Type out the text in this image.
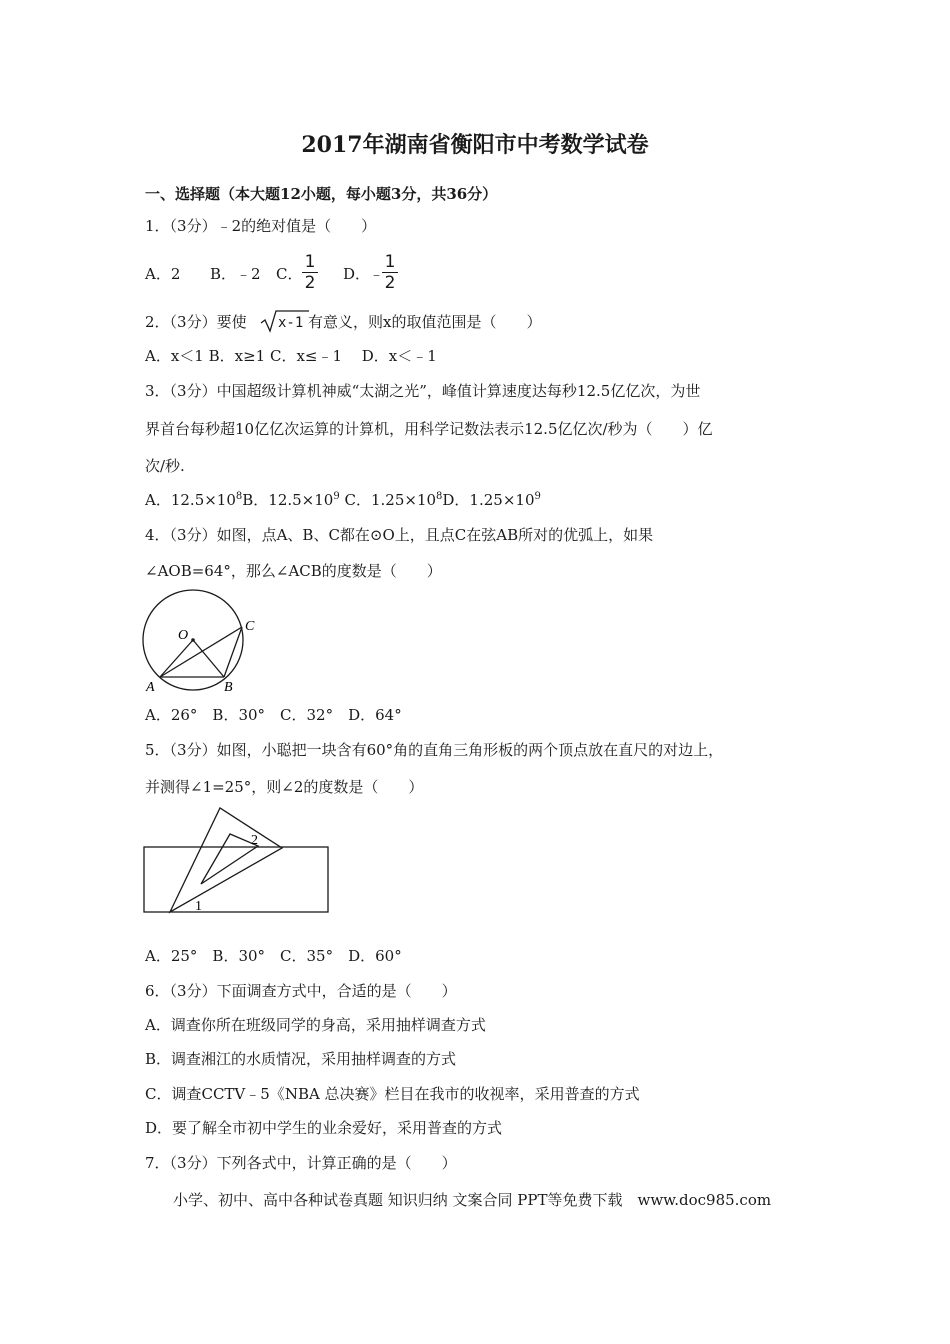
2017年湖南省衡阳市中考数学试卷
一、选择题（本大题12小题，每小题3分，共36分）
1．（3分）﹣2的绝对值是（　　）
A．2 B．﹣2 C．
1
2 D．
﹣
1
2
2．（3分）要使 x-1 有意义，则x的取值范围是（　　）
A．x＜1 B．x≥1 C．x≤﹣1　 D．x＜﹣1
3．（3分）中国超级计算机神威“太湖之光”，峰值计算速度达每秒12.5亿亿次，为世
界首台每秒超10亿亿次运算的计算机，用科学记数法表示12.5亿亿次/秒为（　　）亿
次/秒.
A．$12.5\times 10^8B$．$12.5\times 10^9$ C．$1.25\times 10^8D$．$1.25\times 10^9$
4．（3分）如图，点A、B、C都在⊙O上，且点C在弦AB所对的优弧上，如果
∠AOB=64°，那么∠ACB的度数是（　　）
O
A	B
C
A．26°　B．30°　C．32°　D．64°
5．（3分）如图，小聪把一块含有60°角的直角三角形板的两个顶点放在直尺的对边上，
并测得∠1=25°，则∠2的度数是（　　）
2
1
A．25°　B．30°　C．35°　D．60°
6．（3分）下面调查方式中，合适的是（　　）
A．调查你所在班级同学的身高，采用抽样调查方式
B．调查湘江的水质情况，采用抽样调查的方式
C．调查CCTV﹣5《NBA 总决赛》栏目在我市的收视率，采用普查的方式
D．要了解全市初中学生的业余爱好，采用普查的方式
7．（3分）下列各式中，计算正确的是（　　）
小学、初中、高中各种试卷真题 知识归纳 文案合同 PPT等免费下载　www.doc985.com
